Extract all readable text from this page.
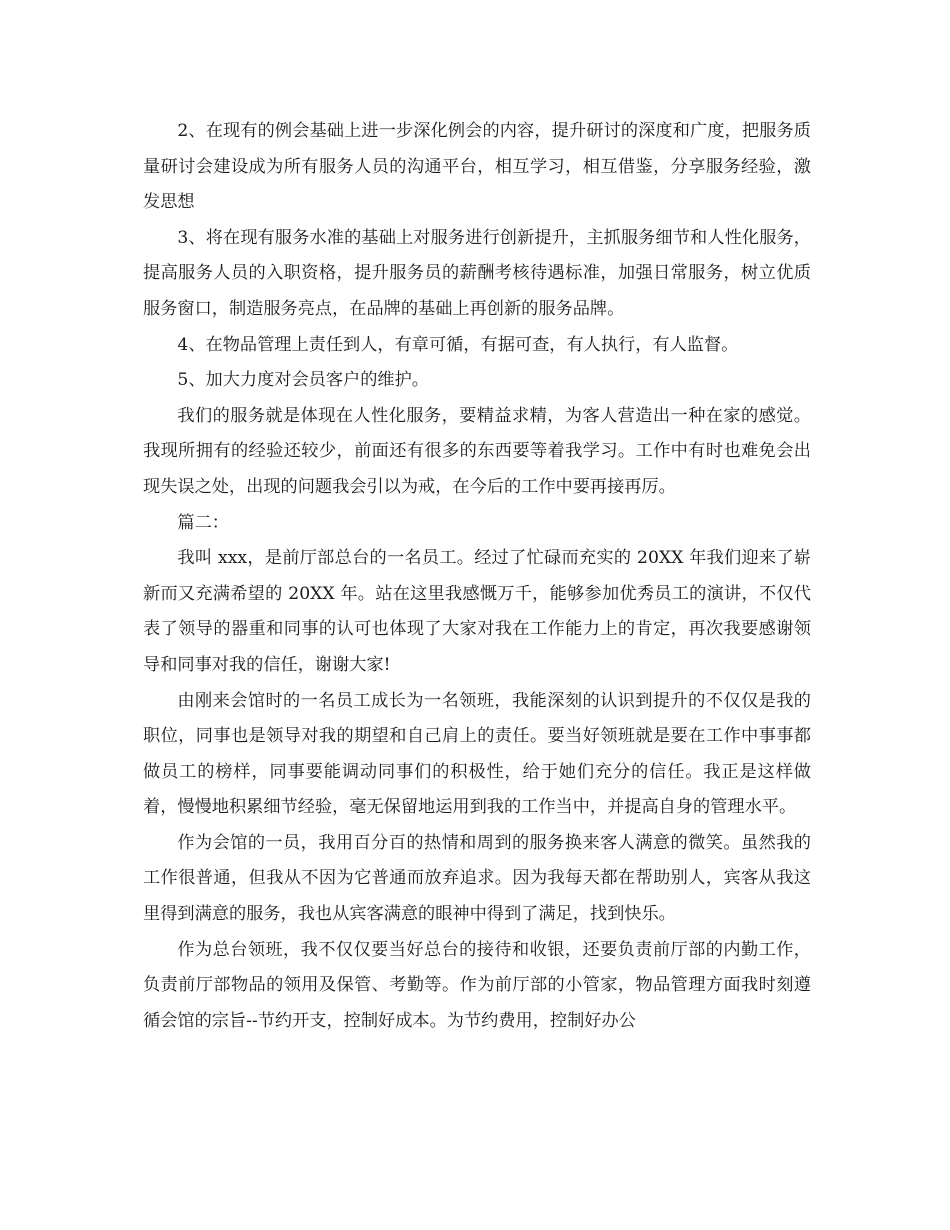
2、在现有的例会基础上进一步深化例会的内容，提升研讨的深度和广度，把服务质量研讨会建设成为所有服务人员的沟通平台，相互学习，相互借鉴，分享服务经验，激发思想

3、将在现有服务水准的基础上对服务进行创新提升，主抓服务细节和人性化服务，提高服务人员的入职资格，提升服务员的薪酬考核待遇标准，加强日常服务，树立优质服务窗口，制造服务亮点，在品牌的基础上再创新的服务品牌。

4、在物品管理上责任到人，有章可循，有据可查，有人执行，有人监督。

5、加大力度对会员客户的维护。

我们的服务就是体现在人性化服务，要精益求精，为客人营造出一种在家的感觉。我现所拥有的经验还较少，前面还有很多的东西要等着我学习。工作中有时也难免会出现失误之处，出现的问题我会引以为戒，在今后的工作中要再接再厉。

篇二：

我叫 xxx，是前厅部总台的一名员工。经过了忙碌而充实的 20XX 年我们迎来了崭新而又充满希望的 20XX 年。站在这里我感慨万千，能够参加优秀员工的演讲，不仅代表了领导的器重和同事的认可也体现了大家对我在工作能力上的肯定，再次我要感谢领导和同事对我的信任，谢谢大家!

由刚来会馆时的一名员工成长为一名领班，我能深刻的认识到提升的不仅仅是我的职位，同事也是领导对我的期望和自己肩上的责任。要当好领班就是要在工作中事事都做员工的榜样，同事要能调动同事们的积极性，给于她们充分的信任。我正是这样做着，慢慢地积累细节经验，毫无保留地运用到我的工作当中，并提高自身的管理水平。

作为会馆的一员，我用百分百的热情和周到的服务换来客人满意的微笑。虽然我的工作很普通，但我从不因为它普通而放弃追求。因为我每天都在帮助别人，宾客从我这里得到满意的服务，我也从宾客满意的眼神中得到了满足，找到快乐。

作为总台领班，我不仅仅要当好总台的接待和收银，还要负责前厅部的内勤工作，负责前厅部物品的领用及保管、考勤等。作为前厅部的小管家，物品管理方面我时刻遵循会馆的宗旨--节约开支，控制好成本。为节约费用，控制好办公
